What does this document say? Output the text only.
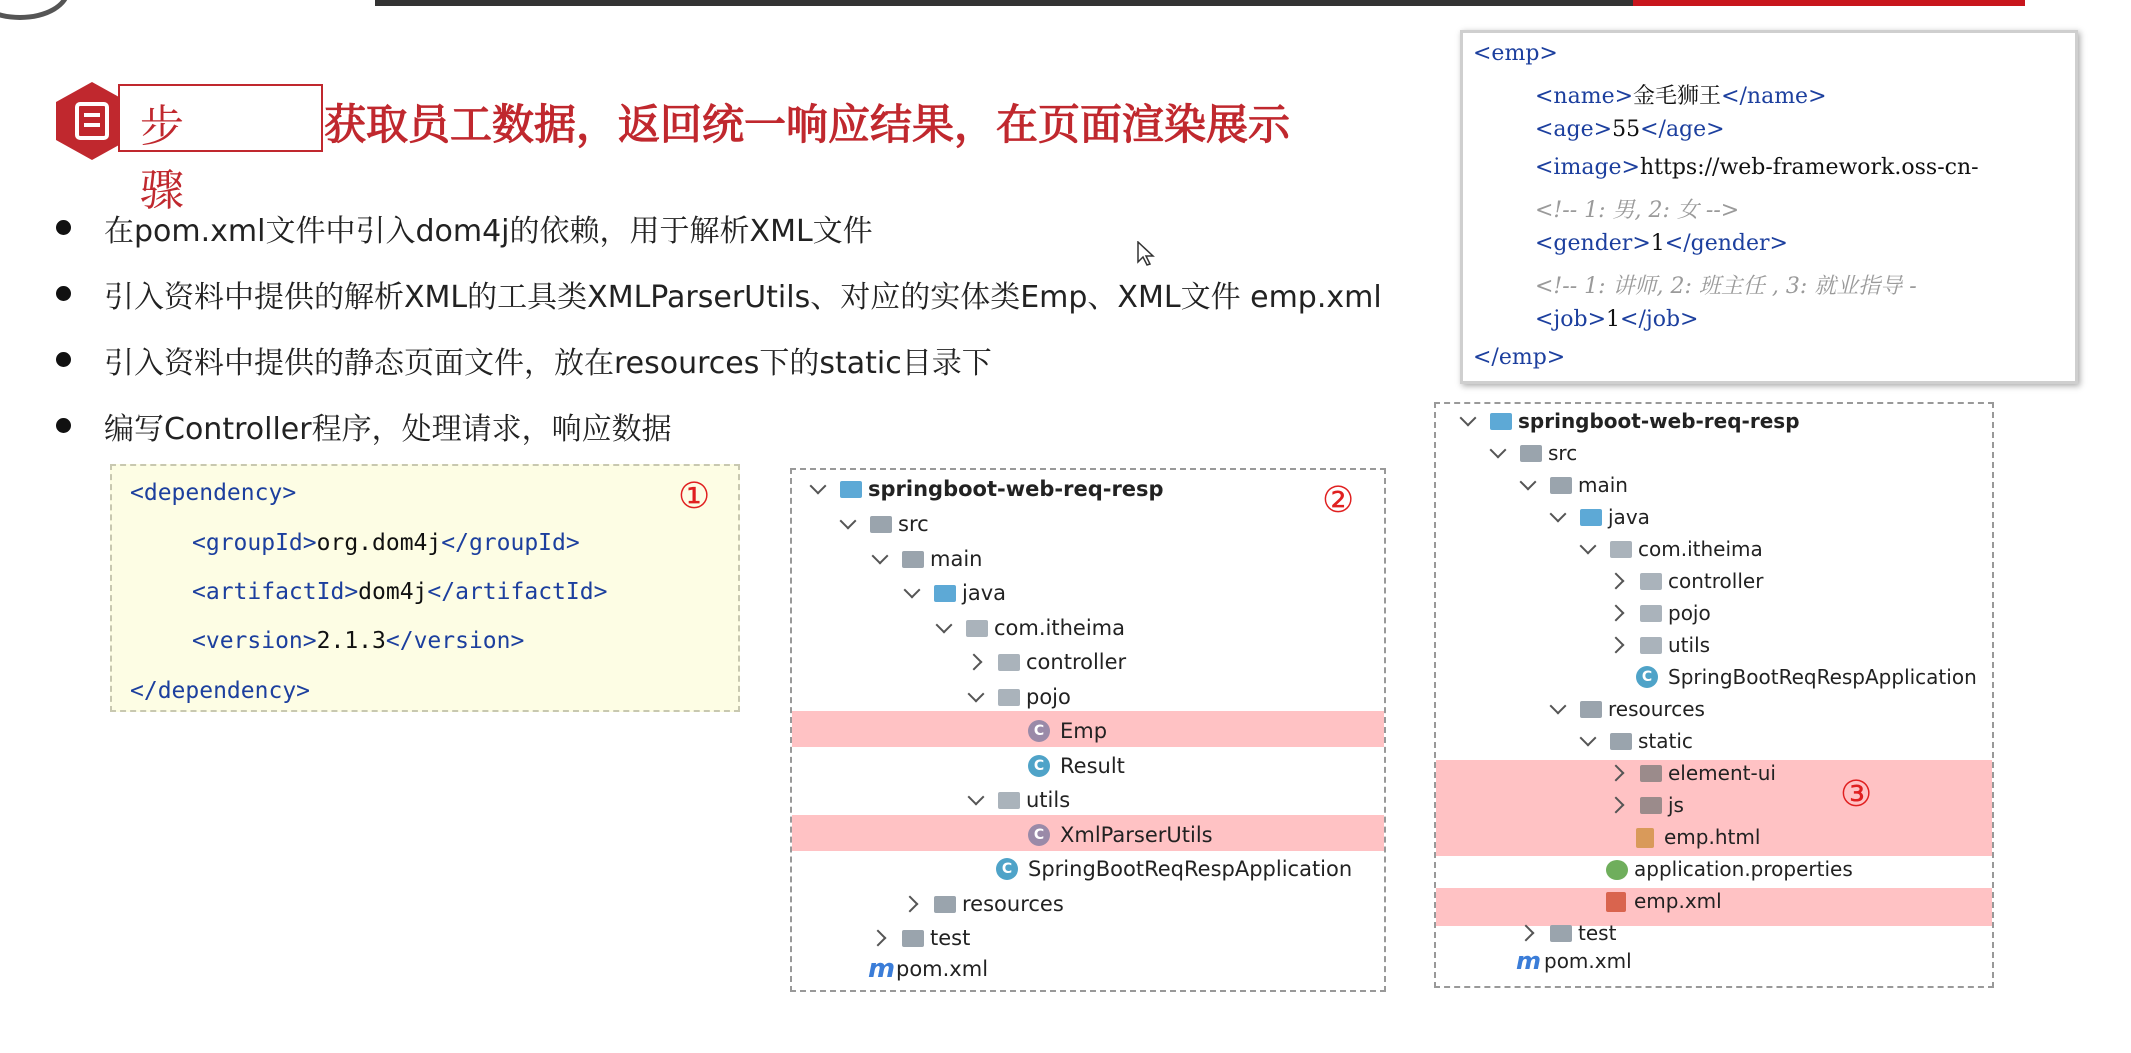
步骤
获取员工数据，返回统一响应结果，在页面渲染展示
在pom.xml文件中引入dom4j的依赖，用于解析XML文件
引入资料中提供的解析XML的工具类XMLParserUtils、对应的实体类Emp、XML文件 emp.xml
引入资料中提供的静态页面文件，放在resources下的static目录下
编写Controller程序，处理请求，响应数据
<dependency>
<groupId>org.dom4j</groupId>
<artifactId>dom4j</artifactId>
<version>2.1.3</version>
</dependency>
①
<emp>
<name>金毛狮王</name>
<age>55</age>
<image>https://web-framework.oss-cn-
<!-- 1: 男, 2: 女 -->
<gender>1</gender>
<!-- 1: 讲师, 2: 班主任 , 3: 就业指导 -
<job>1</job>
</emp>
②
springboot-web-req-resp
src
main
java
com.itheima
controller
pojo
C Emp
C Result
utils
C XmlParserUtils
C SpringBootReqRespApplication
resources
test
m pom.xml
③
springboot-web-req-resp
src
main
java
com.itheima
controller
pojo
utils
C SpringBootReqRespApplication
resources
static
element-ui
js
emp.html
application.properties
emp.xml
test
m pom.xml
